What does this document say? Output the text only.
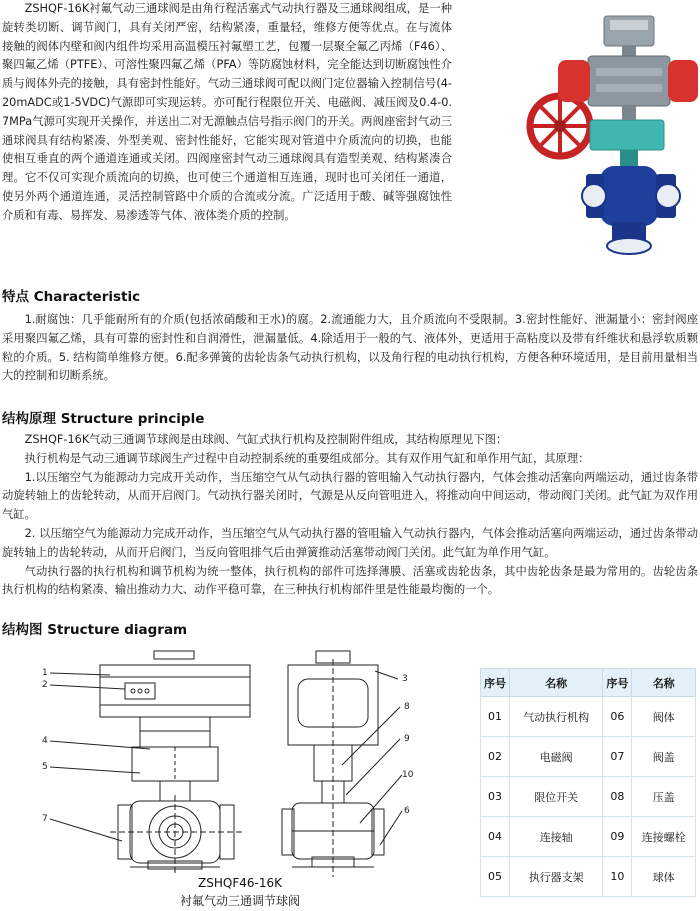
ZSHQF-16K衬氟气动三通球阀是由角行程活塞式气动执行器及三通球阀组成，是一种旋转类切断、调节阀门，具有关闭严密，结构紧凑，重量轻，维修方便等优点。在与流体接触的阀体内壁和阀内组件均采用高温模压衬氟塑工艺，包覆一层聚全氟乙丙烯（F46）、聚四氟乙烯（PTFE）、可溶性聚四氟乙烯（PFA）等防腐蚀材料，完全能达到切断腐蚀性介质与阀体外壳的接触，具有密封性能好。气动三通球阀可配以阀门定位器输入控制信号(4-20mADC或1-5VDC)气源即可实现运转。亦可配行程限位开关、电磁阀、减压阀及0.4-0.7MPa气源可实现开关操作，并送出二对无源触点信号指示阀门的开关。两阀座密封气动三通球阀具有结构紧凑、外型美观、密封性能好，它能实现对管道中介质流向的切换，也能使相互垂直的两个通道连通或关闭。四阀座密封气动三通球阀具有造型美观、结构紧凑合理。它不仅可实现介质流向的切换，也可使三个通道相互连通，现时也可关闭任一通道，使另外两个通道连通，灵活控制管路中介质的合流或分流。广泛适用于酸、碱等强腐蚀性介质和有毒、易挥发、易渗透等气体、液体类介质的控制。

特点 Characteristic

1.耐腐蚀：几乎能耐所有的介质(包括浓硝酸和王水)的腐。2.流通能力大，且介质流向不受限制。3.密封性能好、泄漏量小：密封阀座采用聚四氟乙烯，具有可靠的密封性和自润滑性，泄漏量低。4.除适用于一般的气、液体外，更适用于高粘度以及带有纤维状和悬浮软质颗粒的介质。5. 结构简单维修方便。6.配多弹簧的齿轮齿条气动执行机构，以及角行程的电动执行机构，方便各种环境适用，是目前用量相当大的控制和切断系统。

结构原理 Structure principle

ZSHQF-16K气动三通调节球阀是由球阀、气缸式执行机构及控制附件组成，其结构原理见下图：

执行机构是气动三通调节球阀生产过程中自动控制系统的重要组成部分。其有双作用气缸和单作用气缸，其原理：

1.以压缩空气为能源动力完成开关动作，当压缩空气从气动执行器的管咀输入气动执行器内，气体会推动活塞向两端运动，通过齿条带动旋转轴上的齿轮转动，从而开启阀门。气动执行器关闭时，气源是从反向管咀进入，将推动向中间运动，带动阀门关闭。此气缸为双作用气缸。

2. 以压缩空气为能源动力完成开动作，当压缩空气从气动执行器的管咀输入气动执行器内，气体会推动活塞向两端运动，通过齿条带动旋转轴上的齿轮转动，从而开启阀门，当反向管咀排气后由弹簧推动活塞带动阀门关闭。此气缸为单作用气缸。

气动执行器的执行机构和调节机构为统一整体，执行机构的部件可选择薄膜、活塞或齿轮齿条，其中齿轮齿条是最为常用的。齿轮齿条执行机构的结构紧凑、输出推动力大、动作平稳可靠，在三种执行机构部件里是性能最均衡的一个。

结构图 Structure diagram
1
2
4
5
7
3
8
9
10
6
ZSHQF46-16K
衬氟气动三通调节球阀
序号	名称	序号	名称
01	气动执行机构	06	阀体
02	电磁阀	07	阀盖
03	限位开关	08	压盖
04	连接轴	09	连接螺栓
05	执行器支架	10	球体
